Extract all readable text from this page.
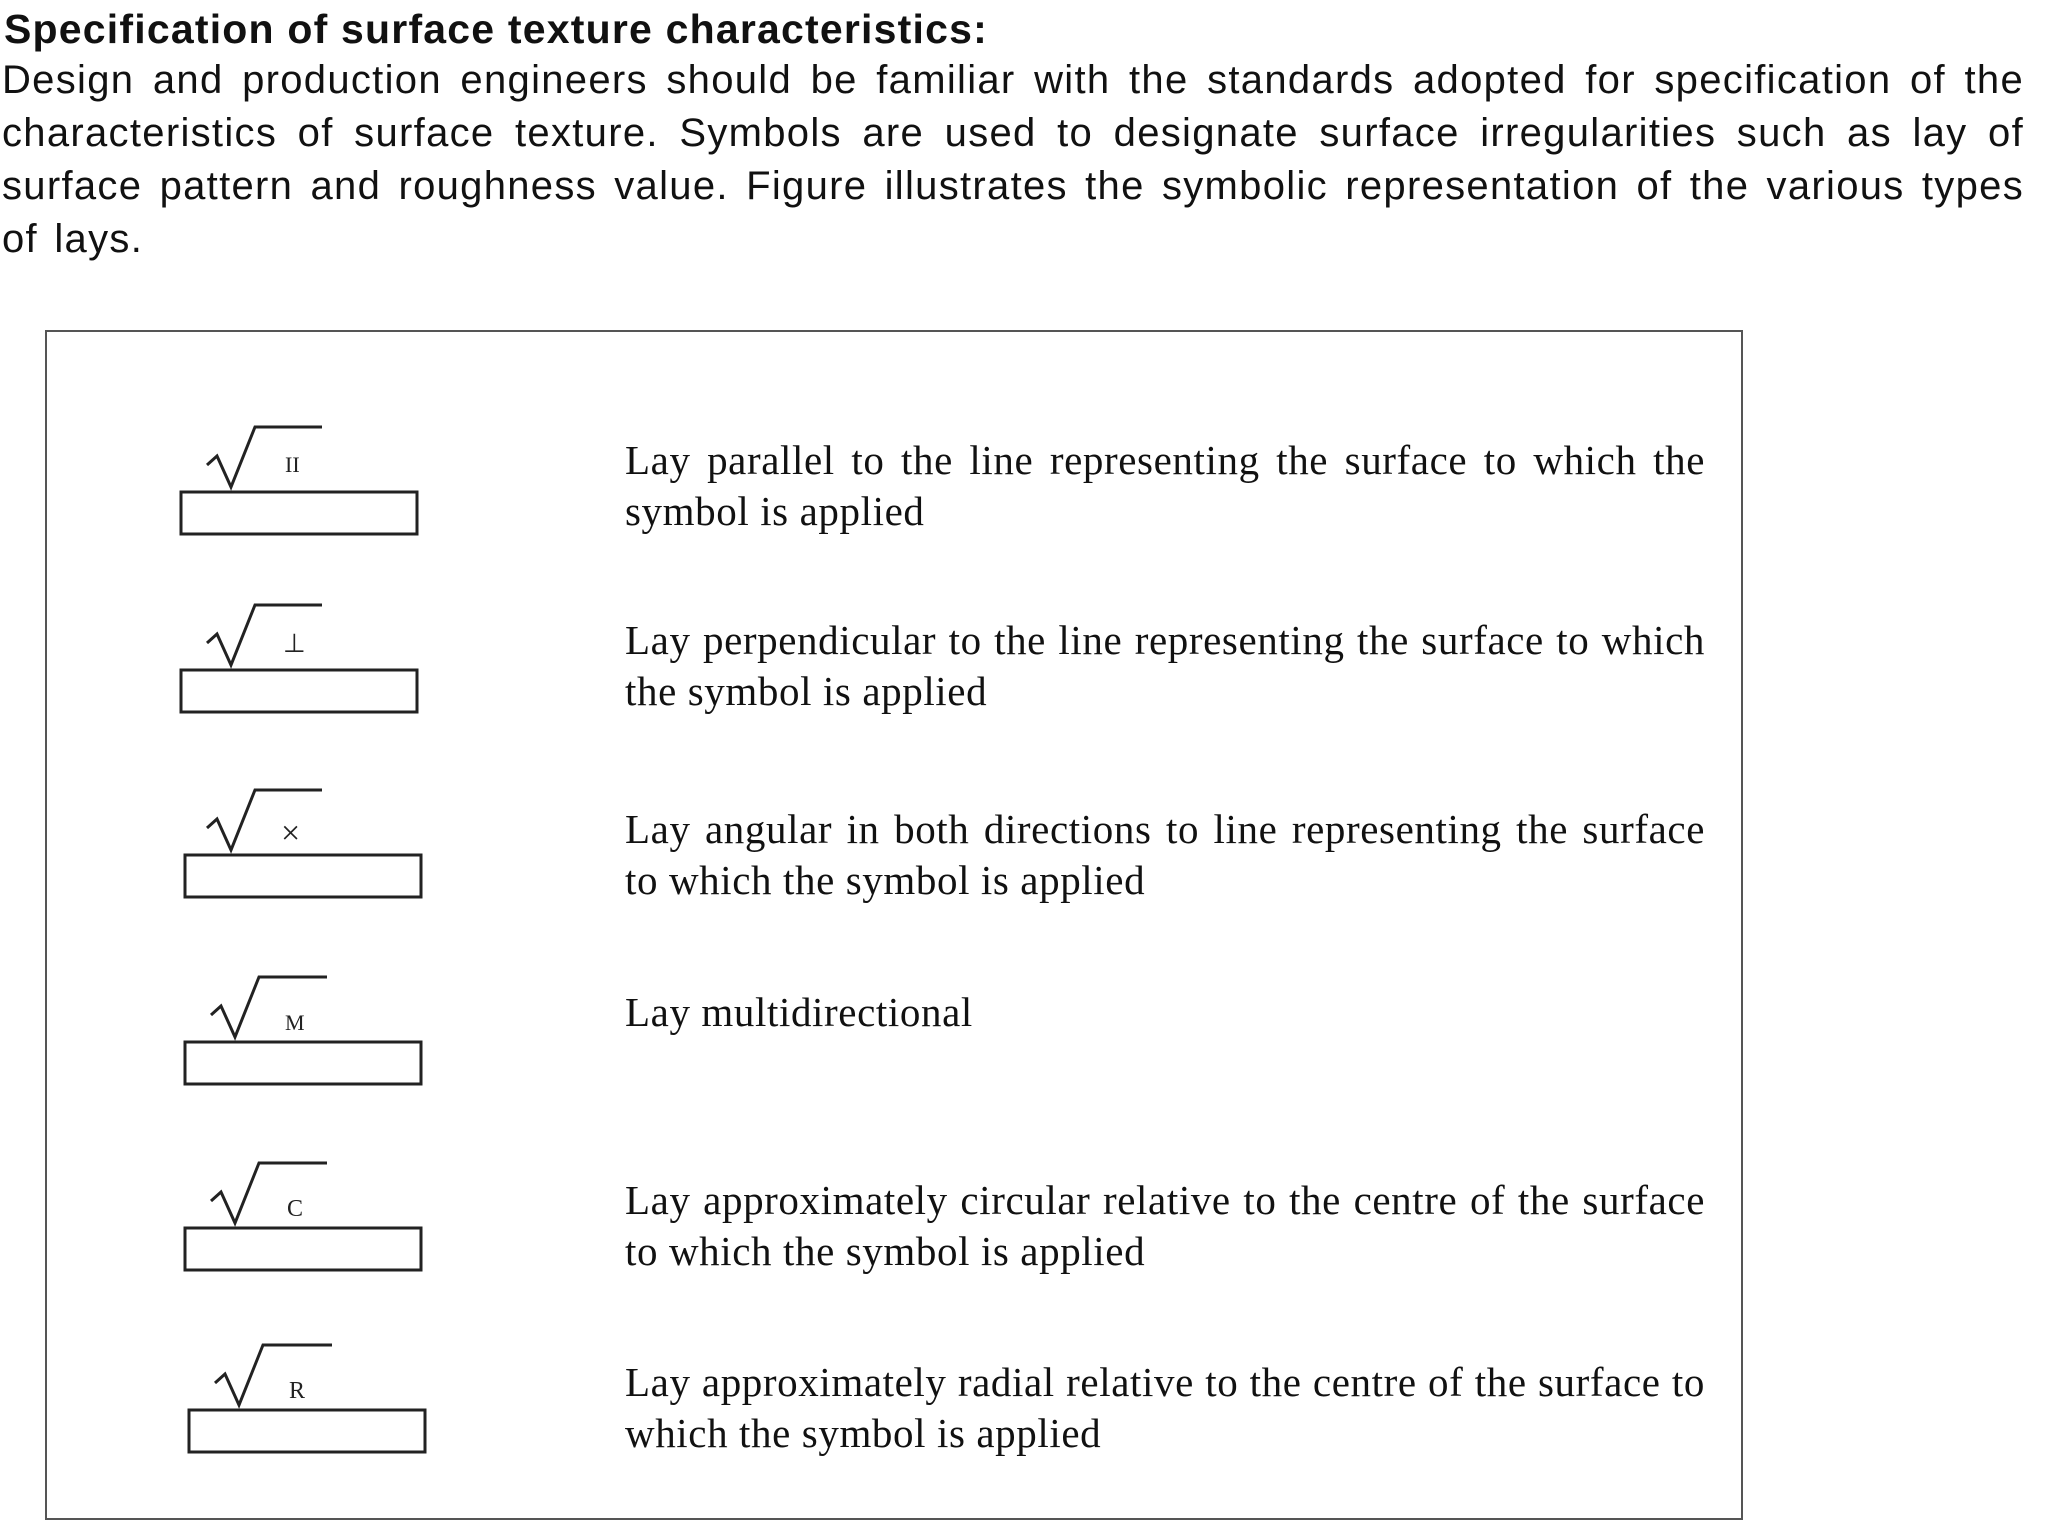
Specification of surface texture characteristics:

Design and production engineers should be familiar with the standards adopted for specification of the characteristics of surface texture. Symbols are used to designate surface irregularities such as lay of surface pattern and roughness value. Figure illustrates the symbolic representation of the various types of lays.

II	Lay parallel to the line representing the surface to which the symbol is applied

⊥	Lay perpendicular to the line representing the surface to which the symbol is applied

×	Lay angular in both directions to line representing the surface to which the symbol is applied

M	Lay multidirectional

C	Lay approximately circular relative to the centre of the surface to which the symbol is applied

R	Lay approximately radial relative to the centre of the surface to which the symbol is applied
